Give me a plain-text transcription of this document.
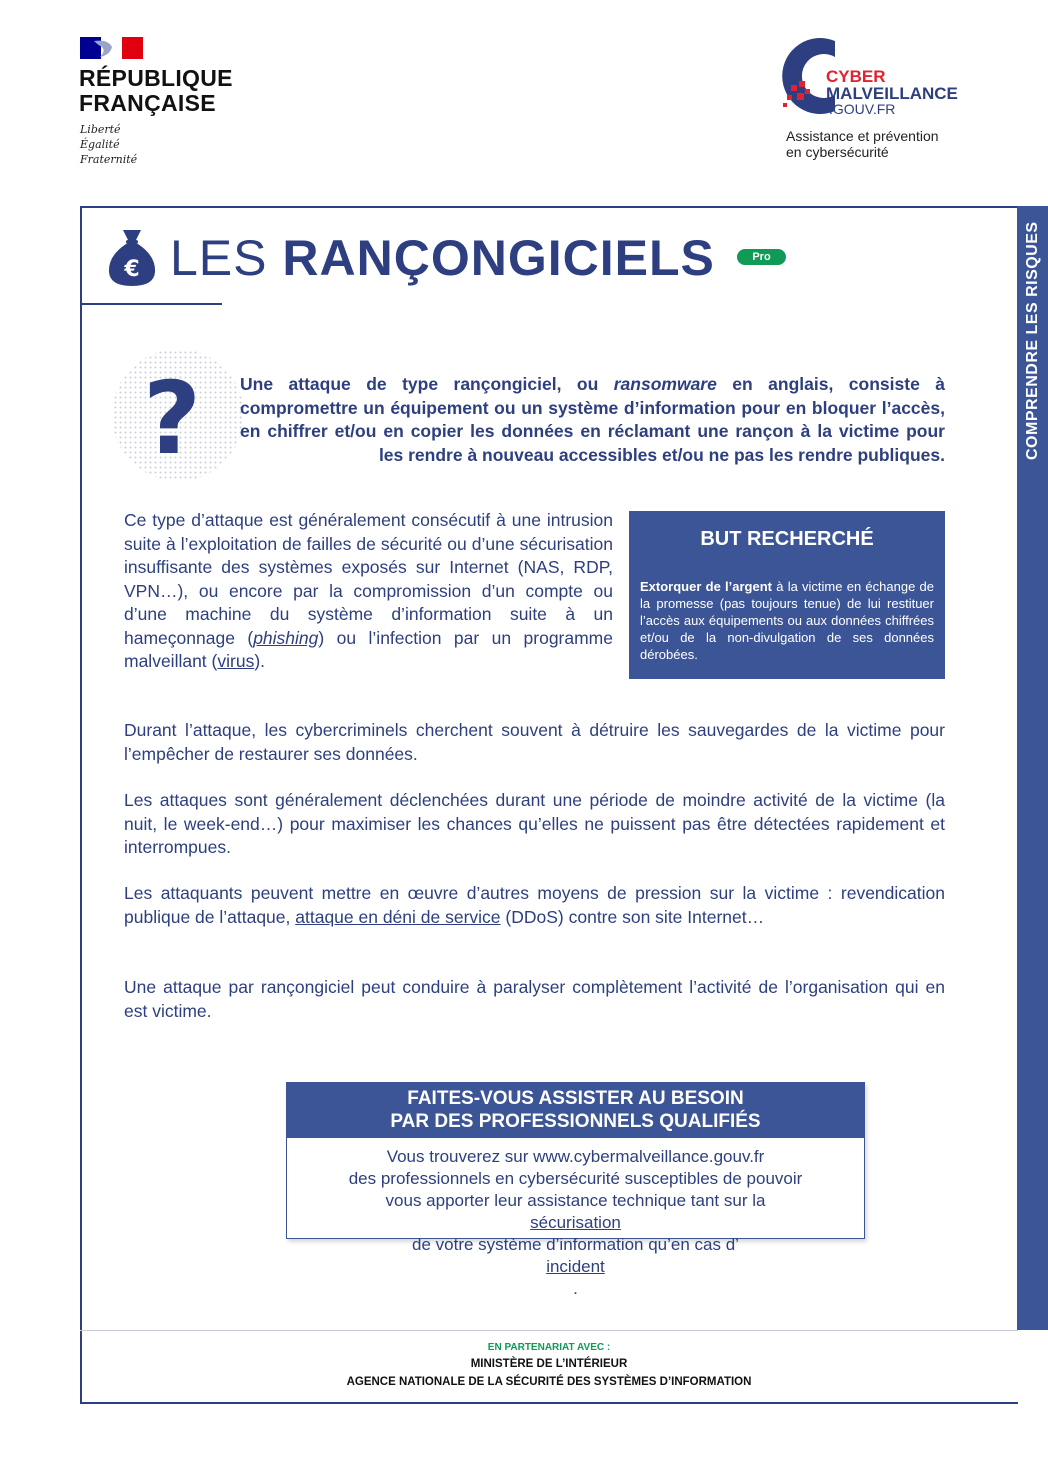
RÉPUBLIQUE
FRANÇAISE
Liberté
Égalité
Fraternité
CYBER
MALVEILLANCE
.GOUV.FR
Assistance et prévention
en cybersécurité
COMPRENDRE LES RISQUES
€ LES RANÇONGICIELS	Pro
? Une attaque de type rançongiciel, ou ransomware en anglais, consiste à compromettre un équipement ou un système d’information pour en bloquer l’accès, en chiffrer et/ou en copier les données en réclamant une rançon à la victime pour les rendre à nouveau accessibles et/ou ne pas les rendre publiques.
Ce type d’attaque est généralement consécutif à une intrusion suite à l’exploitation de failles de sécurité ou d’une sécurisation insuffisante des systèmes exposés sur Internet (NAS, RDP, VPN…), ou encore par la compromission d’un compte ou d’une machine du système d’information suite à un hameçonnage (phishing) ou l’infection par un programme malveillant (virus).
BUT RECHERCHÉ
Extorquer de l’argent à la victime en échange de la promesse (pas toujours tenue) de lui restituer l’accès aux équipements ou aux données chiffrées et/ou de la non-divulgation de ses données dérobées.
Durant l’attaque, les cybercriminels cherchent souvent à détruire les sauvegardes de la victime pour l’empêcher de restaurer ses données.
Les attaques sont généralement déclenchées durant une période de moindre activité de la victime (la nuit, le week-end…) pour maximiser les chances qu’elles ne puissent pas être détectées rapidement et interrompues.
Les attaquants peuvent mettre en œuvre d’autres moyens de pression sur la victime : revendication publique de l’attaque, attaque en déni de service (DDoS) contre son site Internet…
Une attaque par rançongiciel peut conduire à paralyser complètement l’activité de l’organisation qui en est victime.
FAITES-VOUS ASSISTER AU BESOIN
PAR DES PROFESSIONNELS QUALIFIÉS
Vous trouverez sur www.cybermalveillance.gouv.fr
des professionnels en cybersécurité susceptibles de pouvoir
vous apporter leur assistance technique tant sur la
sécurisation
de votre système d’information qu’en cas d’
incident
.
EN PARTENARIAT AVEC :
MINISTÈRE DE L’INTÉRIEUR
AGENCE NATIONALE DE LA SÉCURITÉ DES SYSTÈMES D’INFORMATION
